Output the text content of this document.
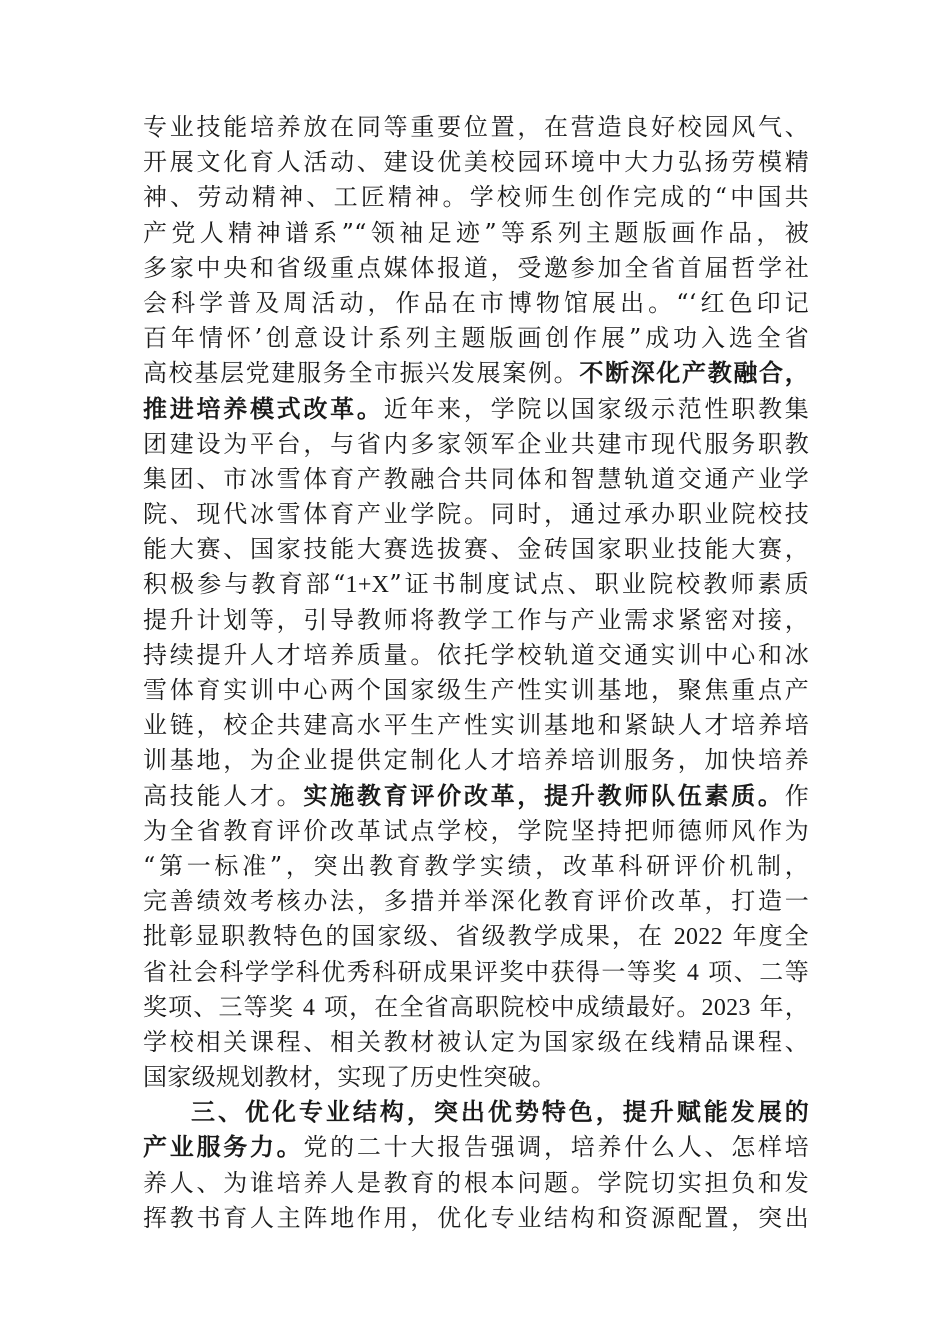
专业技能培养放在同等重要位置，在营造良好校园风气、
开展文化育人活动、建设优美校园环境中大力弘扬劳模精
神、劳动精神、工匠精神。学校师生创作完成的“中国共
产党人精神谱系”“领袖足迹”等系列主题版画作品，被
多家中央和省级重点媒体报道，受邀参加全省首届哲学社
会科学普及周活动，作品在市博物馆展出。“‘红色印记
百年情怀’创意设计系列主题版画创作展”成功入选全省
高校基层党建服务全市振兴发展案例。不断深化产教融合，
推进培养模式改革。近年来，学院以国家级示范性职教集
团建设为平台，与省内多家领军企业共建市现代服务职教
集团、市冰雪体育产教融合共同体和智慧轨道交通产业学
院、现代冰雪体育产业学院。同时，通过承办职业院校技
能大赛、国家技能大赛选拔赛、金砖国家职业技能大赛，
积极参与教育部“1+X”证书制度试点、职业院校教师素质
提升计划等，引导教师将教学工作与产业需求紧密对接，
持续提升人才培养质量。依托学校轨道交通实训中心和冰
雪体育实训中心两个国家级生产性实训基地，聚焦重点产
业链，校企共建高水平生产性实训基地和紧缺人才培养培
训基地，为企业提供定制化人才培养培训服务，加快培养
高技能人才。实施教育评价改革，提升教师队伍素质。作
为全省教育评价改革试点学校，学院坚持把师德师风作为
“第一标准”，突出教育教学实绩，改革科研评价机制，
完善绩效考核办法，多措并举深化教育评价改革，打造一
批彰显职教特色的国家级、省级教学成果，在 2022 年度全
省社会科学学科优秀科研成果评奖中获得一等奖 4 项、二等
奖项、三等奖 4 项，在全省高职院校中成绩最好。2023 年，
学校相关课程、相关教材被认定为国家级在线精品课程、
国家级规划教材，实现了历史性突破。
三、优化专业结构，突出优势特色，提升赋能发展的
产业服务力。党的二十大报告强调，培养什么人、怎样培
养人、为谁培养人是教育的根本问题。学院切实担负和发
挥教书育人主阵地作用，优化专业结构和资源配置，突出
